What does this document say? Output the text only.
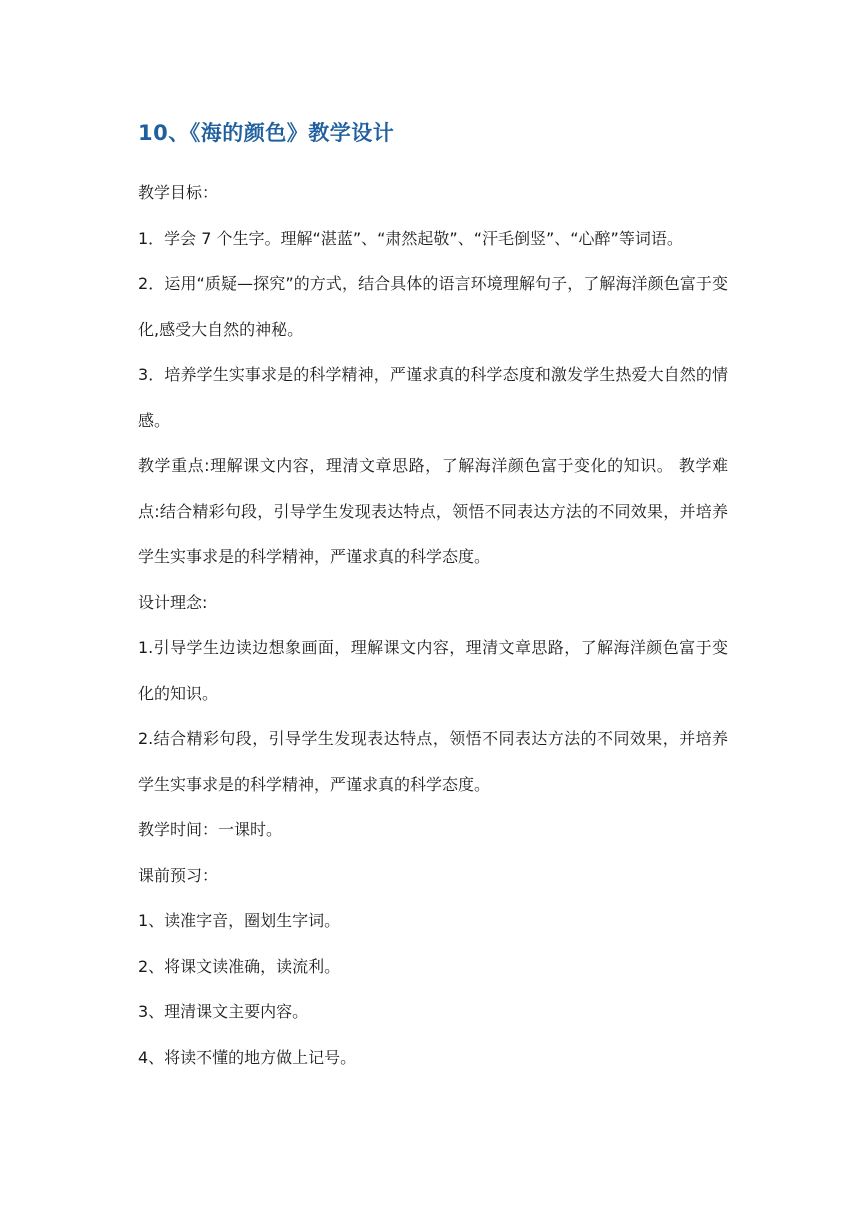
10、《海的颜色》教学设计

教学目标：

1．学会 7 个生字。理解“湛蓝”、“肃然起敬”、“汗毛倒竖”、“心醉”等词语。

2．运用“质疑—探究”的方式，结合具体的语言环境理解句子，了解海洋颜色富于变化,感受大自然的神秘。

3．培养学生实事求是的科学精神，严谨求真的科学态度和激发学生热爱大自然的情感。

教学重点:理解课文内容，理清文章思路，了解海洋颜色富于变化的知识。 教学难点:结合精彩句段，引导学生发现表达特点，领悟不同表达方法的不同效果，并培养学生实事求是的科学精神，严谨求真的科学态度。

设计理念:

1.引导学生边读边想象画面，理解课文内容，理清文章思路，了解海洋颜色富于变化的知识。

2.结合精彩句段，引导学生发现表达特点，领悟不同表达方法的不同效果，并培养学生实事求是的科学精神，严谨求真的科学态度。

教学时间：一课时。

课前预习：

1、读准字音，圈划生字词。

2、将课文读准确，读流利。

3、理清课文主要内容。

4、将读不懂的地方做上记号。
